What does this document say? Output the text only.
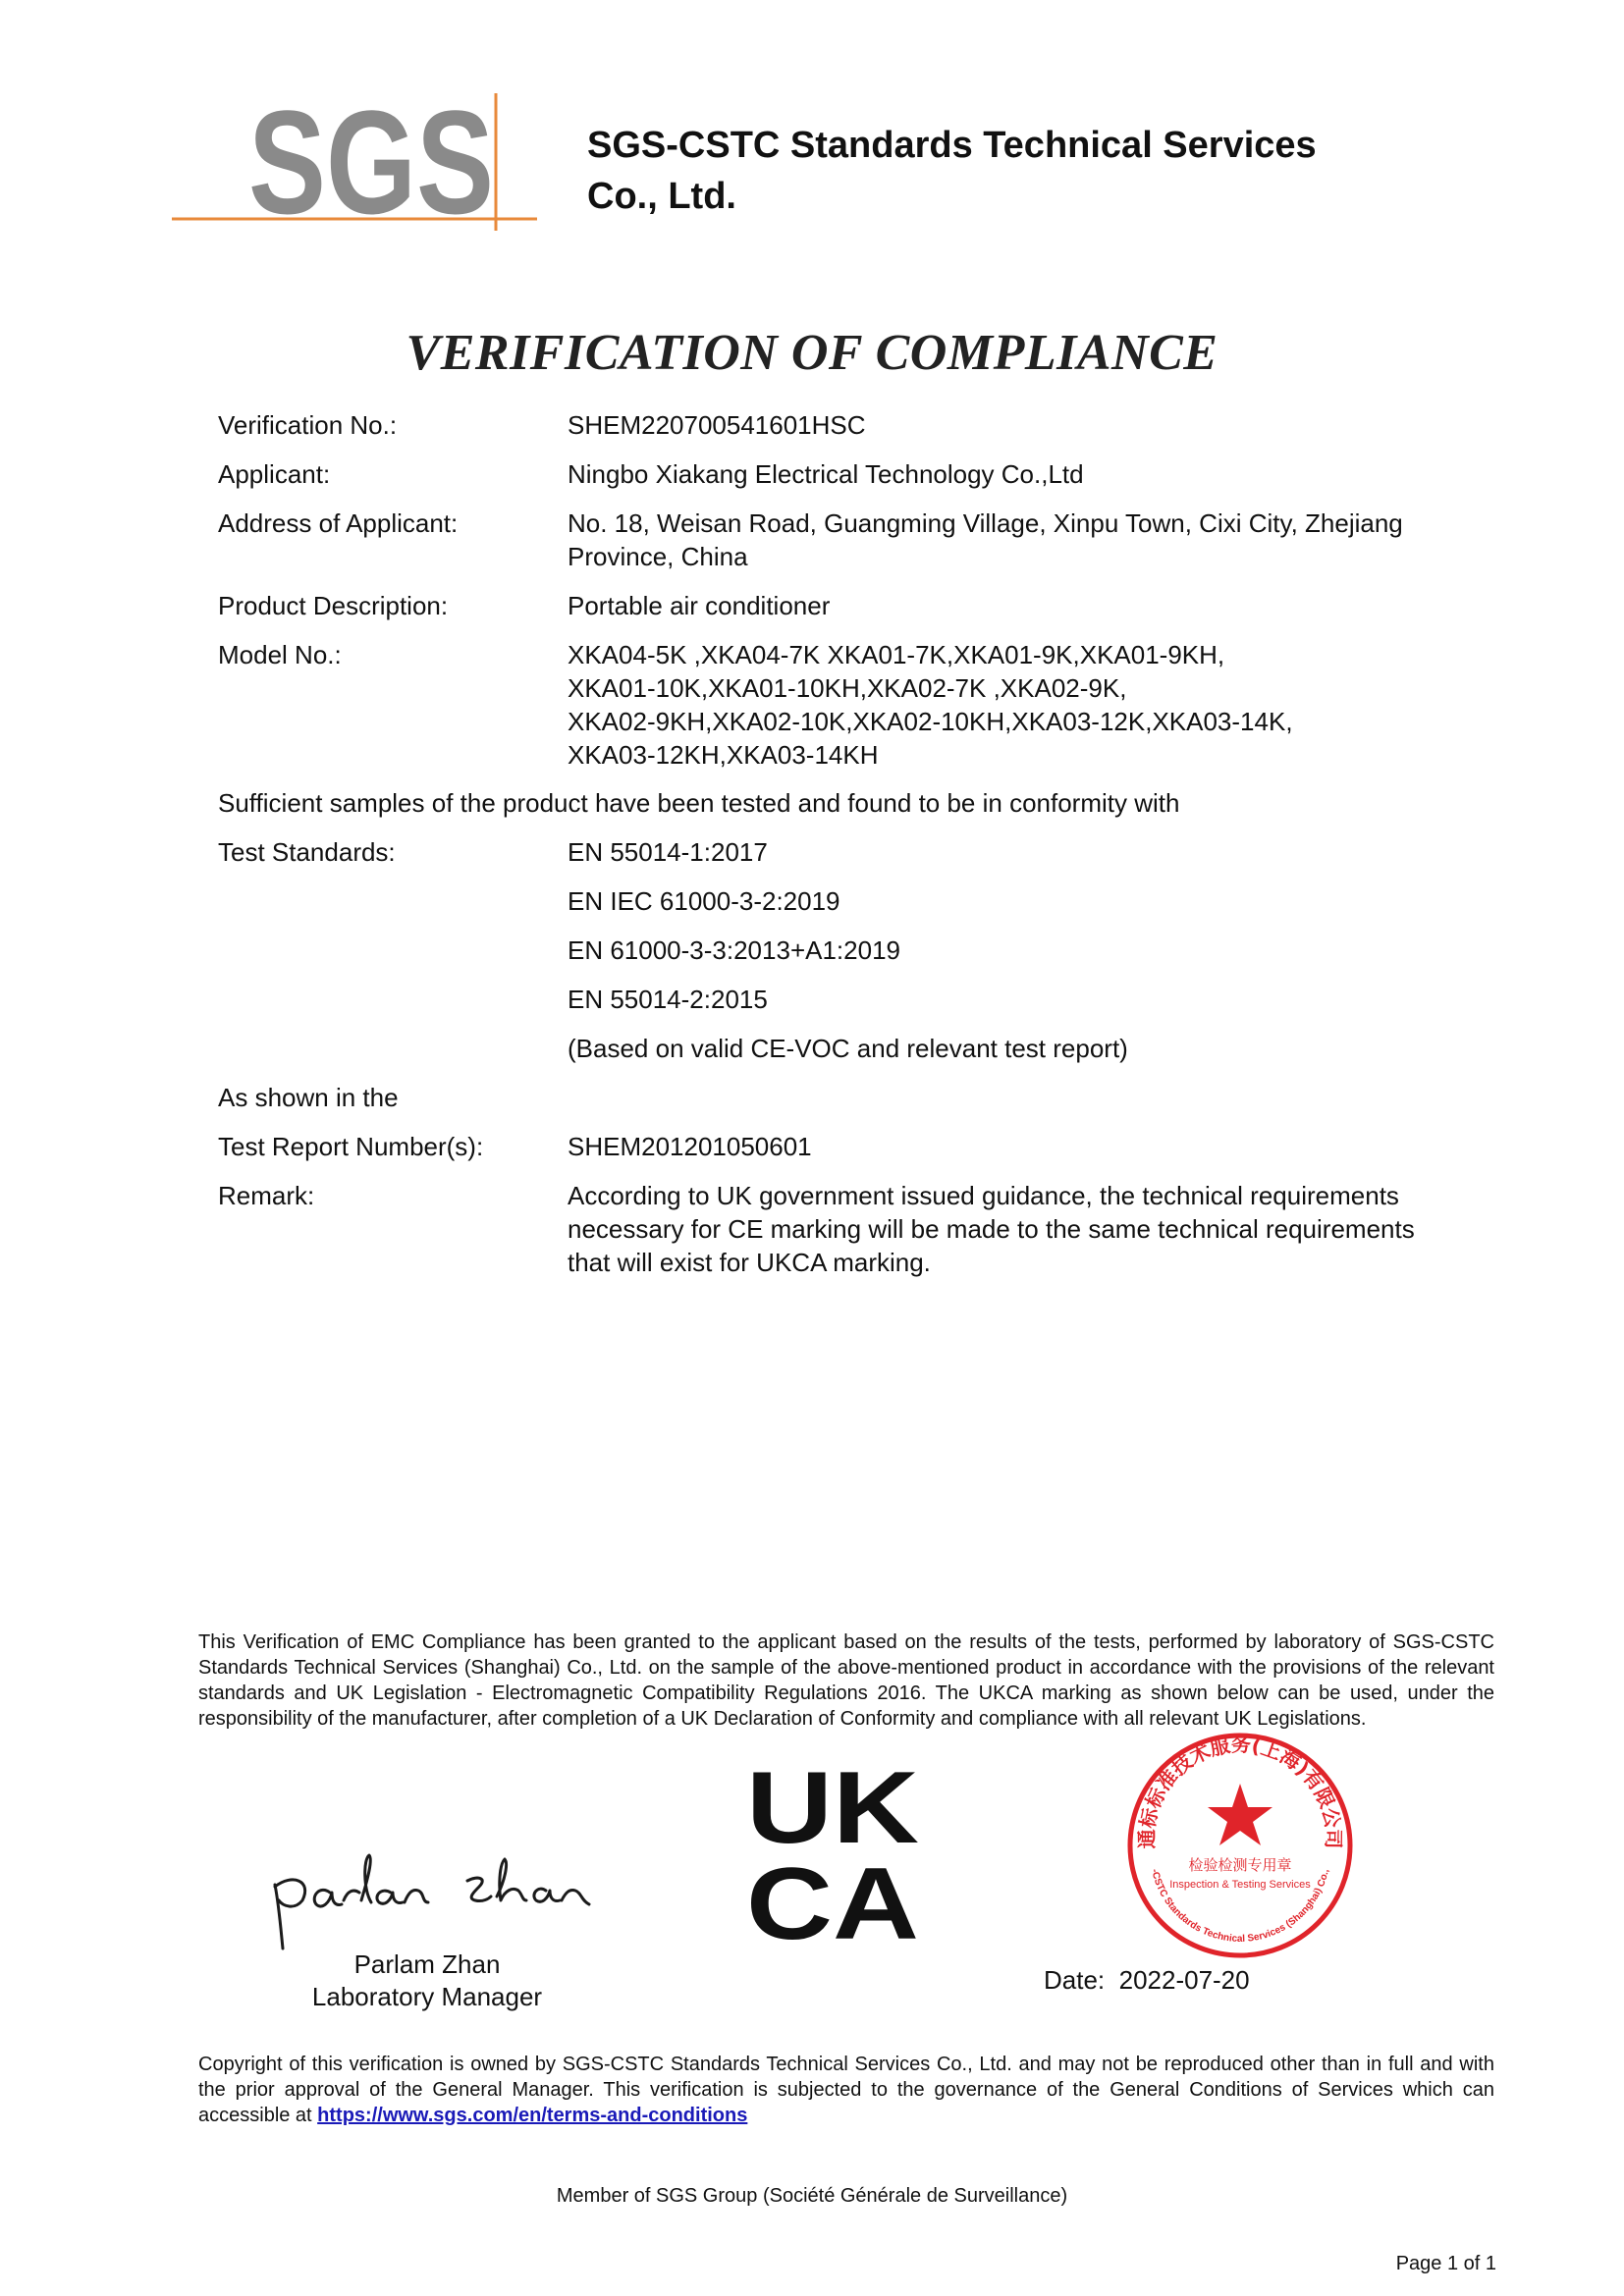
SGS	SGS-CSTC Standards Technical Services
Co., Ltd.
VERIFICATION OF COMPLIANCE
Verification No.:	SHEM220700541601HSC
Applicant:	Ningbo Xiakang Electrical Technology Co.,Ltd
Address of Applicant:	No. 18, Weisan Road, Guangming Village, Xinpu Town, Cixi City, Zhejiang
Province, China
Product Description:	Portable air conditioner
Model No.:	XKA04-5K ,XKA04-7K XKA01-7K,XKA01-9K,XKA01-9KH,
XKA01-10K,XKA01-10KH,XKA02-7K ,XKA02-9K,
XKA02-9KH,XKA02-10K,XKA02-10KH,XKA03-12K,XKA03-14K,
XKA03-12KH,XKA03-14KH
Sufficient samples of the product have been tested and found to be in conformity with
Test Standards:	EN 55014-1:2017
EN IEC 61000-3-2:2019
EN 61000-3-3:2013+A1:2019
EN 55014-2:2015
(Based on valid CE-VOC and relevant test report)
As shown in the
Test Report Number(s):	SHEM201201050601
Remark:	According to UK government issued guidance, the technical requirements
necessary for CE marking will be made to the same technical requirements
that will exist for UKCA marking.
This Verification of EMC Compliance has been granted to the applicant based on the results of the tests, performed by laboratory of SGS-CSTC Standards Technical Services (Shanghai) Co., Ltd. on the sample of the above-mentioned product in accordance with the provisions of the relevant standards and UK Legislation - Electromagnetic Compatibility Regulations 2016. The UKCA marking as shown below can be used, under the responsibility of the manufacturer, after completion of a UK Declaration of Conformity and compliance with all relevant UK Legislations.
Parlam Zhan
Laboratory Manager
UK
CA
通标标准技术服务(上海)有限公司
-CSTC Standards Technical Services (Shanghai) Co.,
检验检测专用章
Inspection & Testing Services
Date: 2022-07-20
Copyright of this verification is owned by SGS-CSTC Standards Technical Services Co., Ltd. and may not be reproduced other than in full and with the prior approval of the General Manager. This verification is subjected to the governance of the General Conditions of Services which can accessible at https://www.sgs.com/en/terms-and-conditions
Member of SGS Group (Société Générale de Surveillance)
Page 1 of 1
